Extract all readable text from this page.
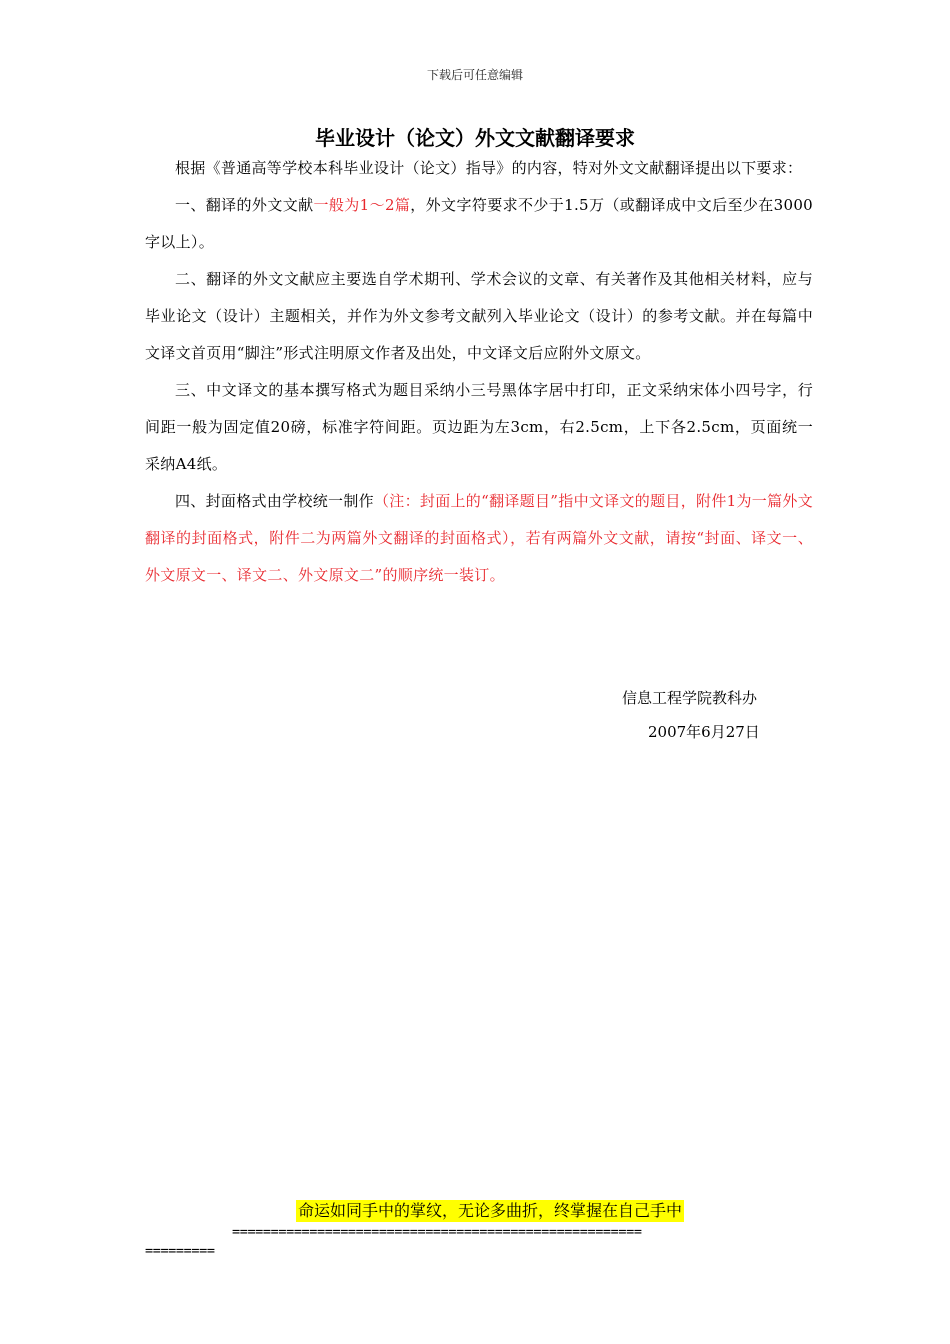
下载后可任意编辑
毕业设计（论文）外文文献翻译要求

根据《普通高等学校本科毕业设计（论文）指导》的内容，特对外文文献翻译提出以下要求：

一、翻译的外文文献一般为1～2篇，外文字符要求不少于1.5万（或翻译成中文后至少在3000字以上）。

二、翻译的外文文献应主要选自学术期刊、学术会议的文章、有关著作及其他相关材料，应与毕业论文（设计）主题相关，并作为外文参考文献列入毕业论文（设计）的参考文献。并在每篇中文译文首页用“脚注”形式注明原文作者及出处，中文译文后应附外文原文。

三、中文译文的基本撰写格式为题目采纳小三号黑体字居中打印，正文采纳宋体小四号字，行间距一般为固定值20磅，标准字符间距。页边距为左3cm，右2.5cm，上下各2.5cm，页面统一采纳A4纸。

四、封面格式由学校统一制作（注：封面上的“翻译题目”指中文译文的题目，附件1为一篇外文翻译的封面格式，附件二为两篇外文翻译的封面格式），若有两篇外文文献，请按“封面、译文一、外文原文一、译文二、外文原文二”的顺序统一装订。

信息工程学院教科办
2007年6月27日
命运如同手中的掌纹，无论多曲折，终掌握在自己手中
=====================================================
=========
